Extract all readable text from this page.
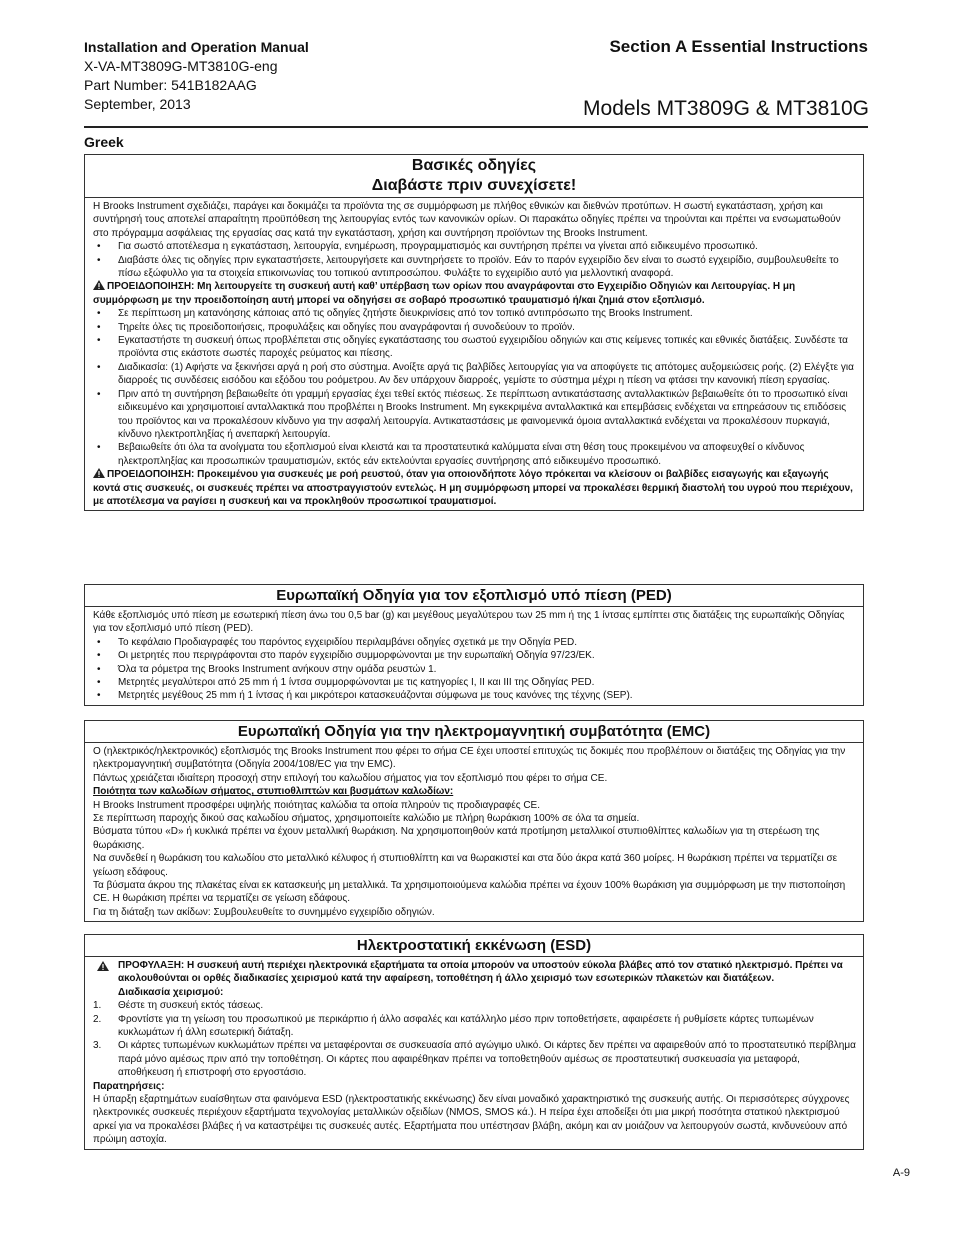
Installation and Operation Manual
X-VA-MT3809G-MT3810G-eng
Part Number: 541B182AAG
September, 2013
Section A Essential Instructions
Models MT3809G & MT3810G
Greek
Βασικές οδηγίες
Διαβάστε πριν συνεχίσετε!
Η Brooks Instrument σχεδιάζει, παράγει και δοκιμάζει τα προϊόντα της σε συμμόρφωση με πλήθος εθνικών και διεθνών προτύπων. Η σωστή εγκατάσταση, χρήση και συντήρησή τους αποτελεί απαραίτητη προϋπόθεση της λειτουργίας εντός των κανονικών ορίων. Οι παρακάτω οδηγίες πρέπει να τηρούνται και πρέπει να ενσωματωθούν στο πρόγραμμα ασφάλειας της εργασίας σας κατά την εγκατάσταση, χρήση και συντήρηση προϊόντων της Brooks Instrument.
• Για σωστό αποτέλεσμα η εγκατάσταση, λειτουργία, ενημέρωση, προγραμματισμός και συντήρηση πρέπει να γίνεται από ειδικευμένο προσωπικό.
• Διαβάστε όλες τις οδηγίες πριν εγκαταστήσετε, λειτουργήσετε και συντηρήσετε το προϊόν. Εάν το παρόν εγχειρίδιο δεν είναι το σωστό εγχειρίδιο, συμβουλευθείτε το πίσω εξώφυλλο για τα στοιχεία επικοινωνίας του τοπικού αντιπροσώπου. Φυλάξτε το εγχειρίδιο αυτό για μελλοντική αναφορά.
ΠΡΟΕΙΔΟΠΟΙΗΣΗ: Μη λειτουργείτε τη συσκευή αυτή καθ’ υπέρβαση των ορίων που αναγράφονται στο Εγχειρίδιο Οδηγιών και Λειτουργίας. Η μη συμμόρφωση με την προειδοποίηση αυτή μπορεί να οδηγήσει σε σοβαρό προσωπικό τραυματισμό ή/και ζημιά στον εξοπλισμό.
• Σε περίπτωση μη κατανόησης κάποιας από τις οδηγίες ζητήστε διευκρινίσεις από τον τοπικό αντιπρόσωπο της Brooks Instrument.
• Τηρείτε όλες τις προειδοποιήσεις, προφυλάξεις και οδηγίες που αναγράφονται ή συνοδεύουν το προϊόν.
• Εγκαταστήστε τη συσκευή όπως προβλέπεται στις οδηγίες εγκατάστασης του σωστού εγχειριδίου οδηγιών και στις κείμενες τοπικές και εθνικές διατάξεις. Συνδέστε τα προϊόντα στις εκάστοτε σωστές παροχές ρεύματος και πίεσης.
• Διαδικασία: (1) Αφήστε να ξεκινήσει αργά η ροή στο σύστημα. Ανοίξτε αργά τις βαλβίδες λειτουργίας για να αποφύγετε τις απότομες αυξομειώσεις ροής. (2) Ελέγξτε για διαρροές τις συνδέσεις εισόδου και εξόδου του ρoόμετρου. Αν δεν υπάρχουν διαρροές, γεμίστε το σύστημα μέχρι η πίεση να φτάσει την κανονική πίεση εργασίας.
• Πριν από τη συντήρηση βεβαιωθείτε ότι γραμμή εργασίας έχει τεθεί εκτός πιέσεως. Σε περίπτωση αντικατάστασης ανταλλακτικών βεβαιωθείτε ότι το προσωπικό είναι ειδικευμένο και χρησιμοποιεί ανταλλακτικά που προβλέπει η Brooks Instrument. Μη εγκεκριμένα ανταλλακτικά και επεμβάσεις ενδέχεται να επηρεάσουν τις επιδόσεις του προϊόντος και να προκαλέσουν κίνδυνο για την ασφαλή λειτουργία. Αντικαταστάσεις με φαινομενικά όμοια ανταλλακτικά ενδέχεται να προκαλέσουν πυρκαγιά, κίνδυνο ηλεκτροπληξίας ή ανεπαρκή λειτουργία.
• Βεβαιωθείτε ότι όλα τα ανοίγματα του εξοπλισμού είναι κλειστά και τα προστατευτικά καλύμματα είναι στη θέση τους προκειμένου να αποφευχθεί ο κίνδυνος ηλεκτροπληξίας και προσωπικών τραυματισμών, εκτός εάν εκτελούνται εργασίες συντήρησης από ειδικευμένο προσωπικό.
ΠΡΟΕΙΔΟΠΟΙΗΣΗ: Προκειμένου για συσκευές με ροή ρευστού, όταν για οποιονδήποτε λόγο πρόκειται να κλείσουν οι βαλβίδες εισαγωγής και εξαγωγής κοντά στις συσκευές, οι συσκευές πρέπει να αποστραγγιστούν εντελώς. Η μη συμμόρφωση μπορεί να προκαλέσει θερμική διαστολή του υγρού που περιέχουν, με αποτέλεσμα να ραγίσει η συσκευή και να προκληθούν προσωπικοί τραυματισμοί.
Ευρωπαϊκή Οδηγία για τον εξοπλισμό υπό πίεση (PED)
Κάθε εξοπλισμός υπό πίεση με εσωτερική πίεση άνω του 0,5 bar (g) και μεγέθους μεγαλύτερου των 25 mm ή της 1 ίντσας εμπίπτει στις διατάξεις της ευρωπαϊκής Οδηγίας για τον εξοπλισμό υπό πίεση (PED).
• Το κεφάλαιο Προδιαγραφές του παρόντος εγχειριδίου περιλαμβάνει οδηγίες σχετικά με την Οδηγία PED.
• Οι μετρητές που περιγράφονται στο παρόν εγχειρίδιο συμμορφώνονται με την ευρωπαϊκή Οδηγία 97/23/ΕΚ.
• Όλα τα ρόμετρα της Brooks Instrument ανήκουν στην ομάδα ρευστών 1.
• Μετρητές μεγαλύτεροι από 25 mm ή 1 ίντσα συμμορφώνονται με τις κατηγορίες Ι, ΙΙ και ΙΙΙ της Οδηγίας PED.
• Μετρητές μεγέθους 25 mm ή 1 ίντσας ή και μικρότεροι κατασκευάζονται σύμφωνα με τους κανόνες της τέχνης (SEP).
Ευρωπαϊκή Οδηγία για την ηλεκτρομαγνητική συμβατότητα (EMC)
Ο (ηλεκτρικός/ηλεκτρονικός) εξοπλισμός της Brooks Instrument που φέρει το σήμα CE έχει υποστεί επιτυχώς τις δοκιμές που προβλέπουν οι διατάξεις της Οδηγίας για την ηλεκτρομαγνητική συμβατότητα (Οδηγία 2004/108/EC για την EMC).
Πάντως χρειάζεται ιδιαίτερη προσοχή στην επιλογή του καλωδίου σήματος για τον εξοπλισμό που φέρει το σήμα CE.
Ποιότητα των καλωδίων σήματος, στυπιοθλιπτών και βυσμάτων καλωδίων:
Η Brooks Instrument προσφέρει υψηλής ποιότητας καλώδια τα οποία πληρούν τις προδιαγραφές CE.
Σε περίπτωση παροχής δικού σας καλωδίου σήματος, χρησιμοποιείτε καλώδιο με πλήρη θωράκιση 100% σε όλα τα σημεία.
Βύσματα τύπου «D» ή κυκλικά πρέπει να έχουν μεταλλική θωράκιση. Να χρησιμοποιηθούν κατά προτίμηση μεταλλικοί στυπιοθλίπτες καλωδίων για τη στερέωση της θωράκισης.
Να συνδεθεί η θωράκιση του καλωδίου στο μεταλλικό κέλυφος ή στυπιοθλίπτη και να θωρακιστεί και στα δύο άκρα κατά 360 μοίρες. Η θωράκιση πρέπει να τερματίζει σε γείωση εδάφους.
Τα βύσματα άκρου της πλακέτας είναι εκ κατασκευής μη μεταλλικά. Τα χρησιμοποιούμενα καλώδια πρέπει να έχουν 100% θωράκιση για συμμόρφωση με την πιστοποίηση CE. Η θωράκιση πρέπει να τερματίζει σε γείωση εδάφους.
Για τη διάταξη των ακίδων: Συμβουλευθείτε το συνημμένο εγχειρίδιο οδηγιών.
Ηλεκτροστατική εκκένωση (ESD)
ΠΡΟΦΥΛΑΞΗ: Η συσκευή αυτή περιέχει ηλεκτρονικά εξαρτήματα τα οποία μπορούν να υποστούν εύκολα βλάβες από τον στατικό ηλεκτρισμό. Πρέπει να ακολουθούνται οι ορθές διαδικασίες χειρισμού κατά την αφαίρεση, τοποθέτηση ή άλλο χειρισμό των εσωτερικών πλακετών και διατάξεων.
Διαδικασία χειρισμού:
1. Θέστε τη συσκευή εκτός τάσεως.
2. Φροντίστε για τη γείωση του προσωπικού με περικάρπιο ή άλλο ασφαλές και κατάλληλο μέσο πριν τοποθετήσετε, αφαιρέσετε ή ρυθμίσετε κάρτες τυπωμένων κυκλωμάτων ή άλλη εσωτερική διάταξη.
3. Οι κάρτες τυπωμένων κυκλωμάτων πρέπει να μεταφέρονται σε συσκευασία από αγώγιμο υλικό. Οι κάρτες δεν πρέπει να αφαιρεθούν από το προστατευτικό περίβλημα παρά μόνο αμέσως πριν από την τοποθέτηση. Οι κάρτες που αφαιρέθηκαν πρέπει να τοποθετηθούν αμέσως σε προστατευτική συσκευασία για μεταφορά, αποθήκευση ή επιστροφή στο εργοστάσιο.
Παρατηρήσεις:
Η ύπαρξη εξαρτημάτων ευαίσθητων στα φαινόμενα ESD (ηλεκτροστατικής εκκένωσης) δεν είναι μοναδικό χαρακτηριστικό της συσκευής αυτής. Οι περισσότερες σύγχρονες ηλεκτρονικές συσκευές περιέχουν εξαρτήματα τεχνολογίας μεταλλικών οξειδίων (NMOS, SMOS κά.). Η πείρα έχει αποδείξει ότι μια μικρή ποσότητα στατικού ηλεκτρισμού αρκεί για να προκαλέσει βλάβες ή να καταστρέψει τις συσκευές αυτές. Εξαρτήματα που υπέστησαν βλάβη, ακόμη και αν μοιάζουν να λειτουργούν σωστά, κινδυνεύουν από πρώιμη αστοχία.
A-9
